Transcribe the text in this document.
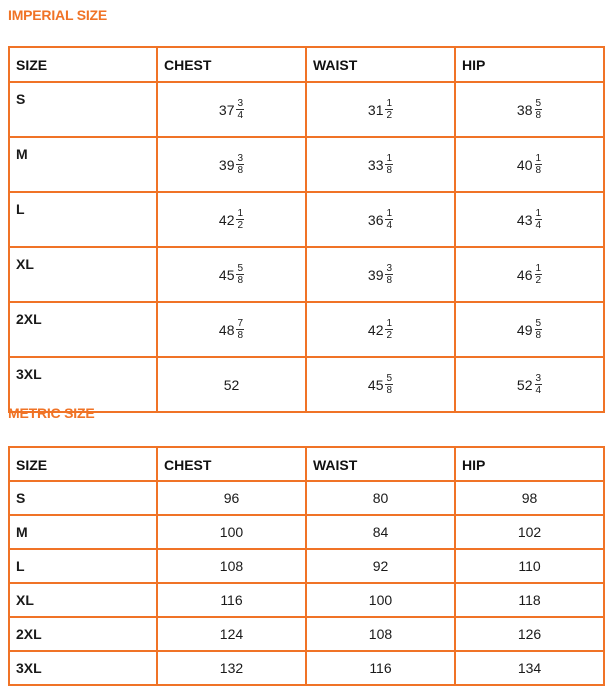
IMPERIAL SIZE
SIZE	CHEST	WAIST	HIP
S	$37 \frac{3}{4}$	$31 \frac{1}{2}$	$38 \frac{5}{8}$

M	$39 \frac{3}{8}$	$33 \frac{1}{8}$	$40 \frac{1}{8}$

L	$42 \frac{1}{2}$	$36 \frac{1}{4}$	$43 \frac{1}{4}$

XL	$45 \frac{5}{8}$	$39 \frac{3}{8}$	$46 \frac{1}{2}$

2XL	$48 \frac{7}{8}$	$42 \frac{1}{2}$	$49 \frac{5}{8}$

3XL	52	$45 \frac{5}{8}$	$52 \frac{3}{4}$
METRIC SIZE
SIZE	CHEST	WAIST	HIP
S	96	80	98
M	100	84	102
L	108	92	110
XL	116	100	118
2XL	124	108	126
3XL	132	116	134
